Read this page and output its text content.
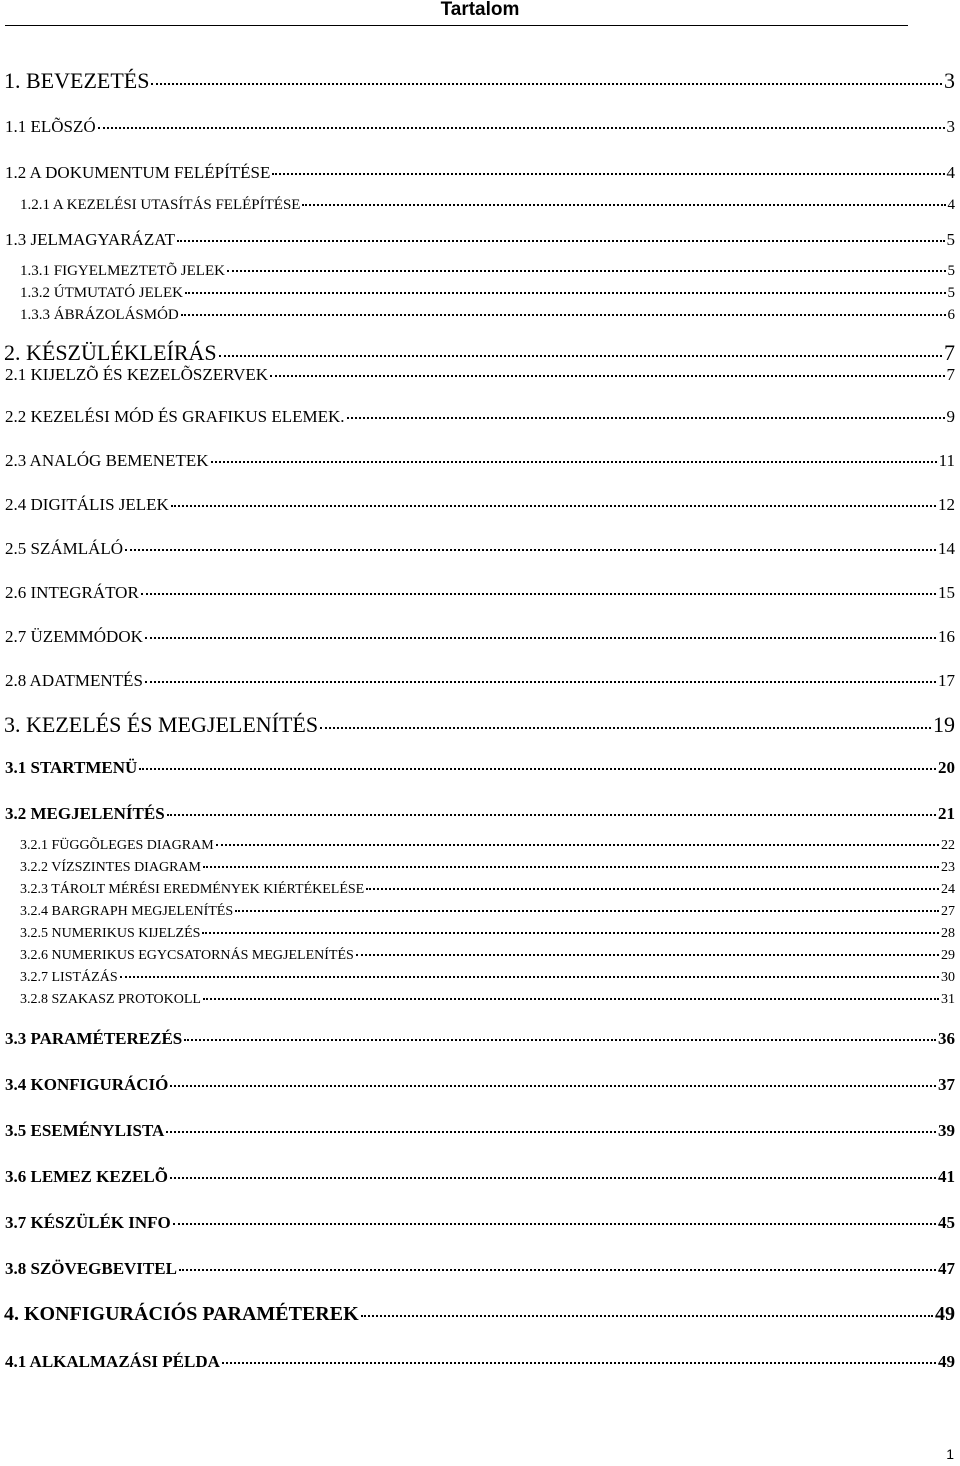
Tartalom
1. BEVEZETÉS	3
1.1 ELÕSZÓ	3
1.2 A DOKUMENTUM FELÉPÍTÉSE	4
1.2.1 A KEZELÉSI UTASÍTÁS FELÉPÍTÉSE	4
1.3 JELMAGYARÁZAT	5
1.3.1 FIGYELMEZTETÕ JELEK	5
1.3.2 ÚTMUTATÓ JELEK	5
1.3.3 ÁBRÁZOLÁSMÓD	6
2. KÉSZÜLÉKLEÍRÁS	7
2.1 KIJELZÕ ÉS KEZELÕSZERVEK	7
2.2 KEZELÉSI MÓD ÉS GRAFIKUS ELEMEK.	9
2.3 ANALÓG BEMENETEK	11
2.4 DIGITÁLIS JELEK	12
2.5 SZÁMLÁLÓ	14
2.6 INTEGRÁTOR	15
2.7 ÜZEMMÓDOK	16
2.8 ADATMENTÉS	17
3. KEZELÉS ÉS MEGJELENÍTÉS	19
3.1 STARTMENÜ	20
3.2 MEGJELENÍTÉS	21
3.2.1 FÜGGÕLEGES DIAGRAM	22
3.2.2 VÍZSZINTES DIAGRAM	23
3.2.3 TÁROLT MÉRÉSI EREDMÉNYEK KIÉRTÉKELÉSE	24
3.2.4 BARGRAPH MEGJELENÍTÉS	27
3.2.5 NUMERIKUS KIJELZÉS	28
3.2.6 NUMERIKUS EGYCSATORNÁS MEGJELENÍTÉS	29
3.2.7 LISTÁZÁS	30
3.2.8 SZAKASZ PROTOKOLL	31
3.3 PARAMÉTEREZÉS	36
3.4 KONFIGURÁCIÓ	37
3.5 ESEMÉNYLISTA	39
3.6 LEMEZ KEZELÕ	41
3.7 KÉSZÜLÉK INFO	45
3.8 SZÖVEGBEVITEL	47
4. KONFIGURÁCIÓS PARAMÉTEREK	49
4.1 ALKALMAZÁSI PÉLDA	49
1
